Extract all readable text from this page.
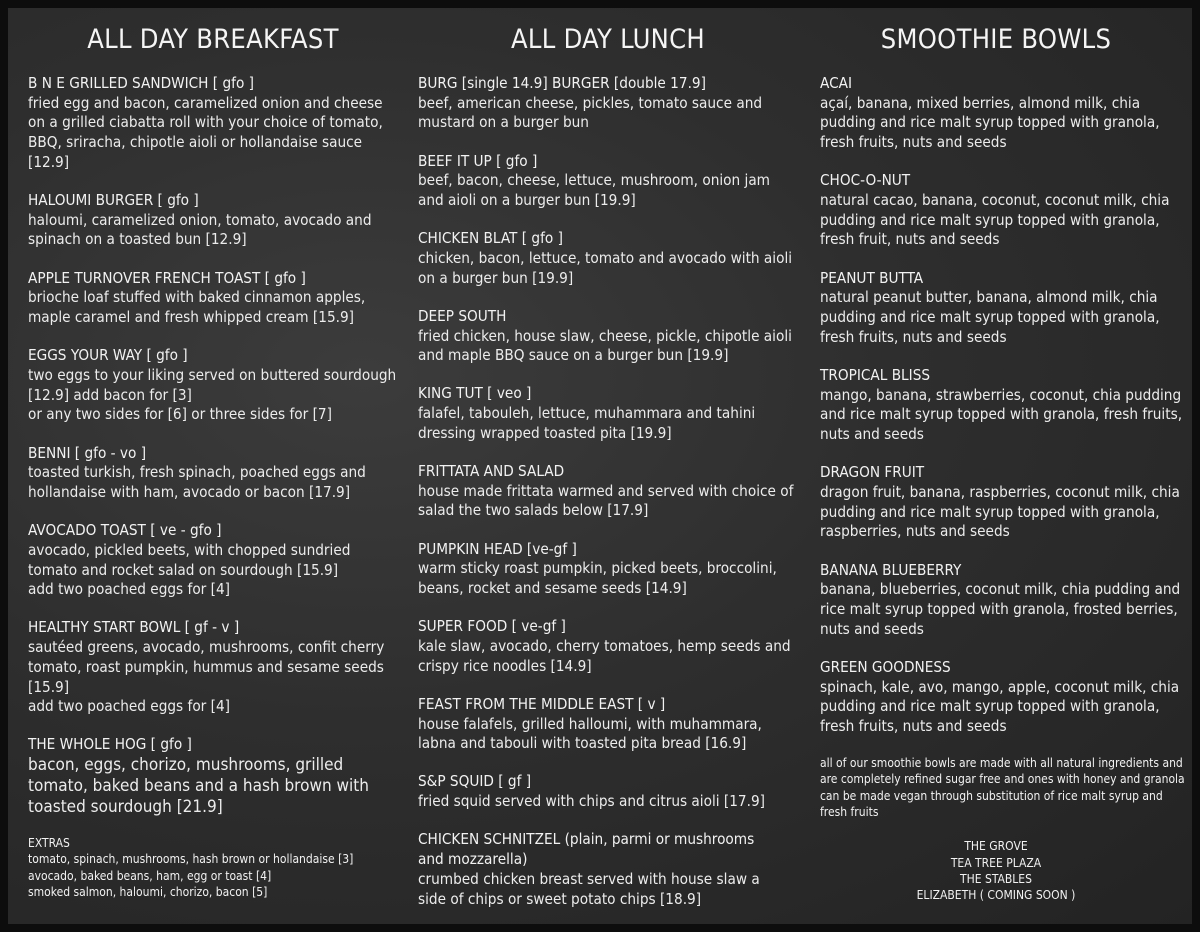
ALL DAY BREAKFAST

B N E GRILLED SANDWICH [ gfo ]

fried egg and bacon, caramelized onion and cheese on a grilled ciabatta roll with your choice of tomato, BBQ, sriracha, chipotle aioli or hollandaise sauce [12.9]

HALOUMI BURGER [ gfo ]

haloumi, caramelized onion, tomato, avocado and spinach on a toasted bun [12.9]

APPLE TURNOVER FRENCH TOAST [ gfo ]

brioche loaf stuffed with baked cinnamon apples, maple caramel and fresh whipped cream [15.9]

EGGS YOUR WAY [ gfo ]

two eggs to your liking served on buttered sourdough [12.9] add bacon for [3]

or any two sides for [6] or three sides for [7]

BENNI [ gfo - vo ]

toasted turkish, fresh spinach, poached eggs and hollandaise with ham, avocado or bacon [17.9]

AVOCADO TOAST [ ve - gfo ]

avocado, pickled beets, with chopped sundried tomato and rocket salad on sourdough [15.9]

add two poached eggs for [4]

HEALTHY START BOWL [ gf - v ]

sautéed greens, avocado, mushrooms, confit cherry tomato, roast pumpkin, hummus and sesame seeds [15.9]

add two poached eggs for [4]

THE WHOLE HOG [ gfo ]

bacon, eggs, chorizo, mushrooms, grilled tomato, baked beans and a hash brown with toasted sourdough [21.9]

EXTRAS

tomato, spinach, mushrooms, hash brown or hollandaise [3]

avocado, baked beans, ham, egg or toast [4]

smoked salmon, haloumi, chorizo, bacon [5]

ALL DAY LUNCH

BURG [single 14.9] BURGER [double 17.9]

beef, american cheese, pickles, tomato sauce and mustard on a burger bun

BEEF IT UP [ gfo ]

beef, bacon, cheese, lettuce, mushroom, onion jam and aioli on a burger bun [19.9]

CHICKEN BLAT [ gfo ]

chicken, bacon, lettuce, tomato and avocado with aioli on a burger bun [19.9]

DEEP SOUTH

fried chicken, house slaw, cheese, pickle, chipotle aioli and maple BBQ sauce on a burger bun [19.9]

KING TUT [ veo ]

falafel, tabouleh, lettuce, muhammara and tahini dressing wrapped toasted pita [19.9]

FRITTATA AND SALAD

house made frittata warmed and served with choice of salad the two salads below [17.9]

PUMPKIN HEAD [ve-gf ]

warm sticky roast pumpkin, picked beets, broccolini, beans, rocket and sesame seeds [14.9]

SUPER FOOD [ ve-gf ]

kale slaw, avocado, cherry tomatoes, hemp seeds and crispy rice noodles [14.9]

FEAST FROM THE MIDDLE EAST [ v ]

house falafels, grilled halloumi, with muhammara, labna and tabouli with toasted pita bread [16.9]

S&P SQUID [ gf ]

fried squid served with chips and citrus aioli [17.9]

CHICKEN SCHNITZEL (plain, parmi or mushrooms and mozzarella)

crumbed chicken breast served with house slaw a side of chips or sweet potato chips [18.9]

SMOOTHIE BOWLS

ACAI

açaí, banana, mixed berries, almond milk, chia pudding and rice malt syrup topped with granola, fresh fruits, nuts and seeds

CHOC-O-NUT

natural cacao, banana, coconut, coconut milk, chia pudding and rice malt syrup topped with granola, fresh fruit, nuts and seeds

PEANUT BUTTA

natural peanut butter, banana, almond milk, chia pudding and rice malt syrup topped with granola, fresh fruits, nuts and seeds

TROPICAL BLISS

mango, banana, strawberries, coconut, chia pudding and rice malt syrup topped with granola, fresh fruits, nuts and seeds

DRAGON FRUIT

dragon fruit, banana, raspberries, coconut milk, chia pudding and rice malt syrup topped with granola, raspberries, nuts and seeds

BANANA BLUEBERRY

banana, blueberries, coconut milk, chia pudding and rice malt syrup topped with granola, frosted berries, nuts and seeds

GREEN GOODNESS

spinach, kale, avo, mango, apple, coconut milk, chia pudding and rice malt syrup topped with granola, fresh fruits, nuts and seeds

all of our smoothie bowls are made with all natural ingredients and are completely refined sugar free and ones with honey and granola can be made vegan through substitution of rice malt syrup and fresh fruits

THE GROVE
TEA TREE PLAZA
THE STABLES
ELIZABETH ( COMING SOON )
